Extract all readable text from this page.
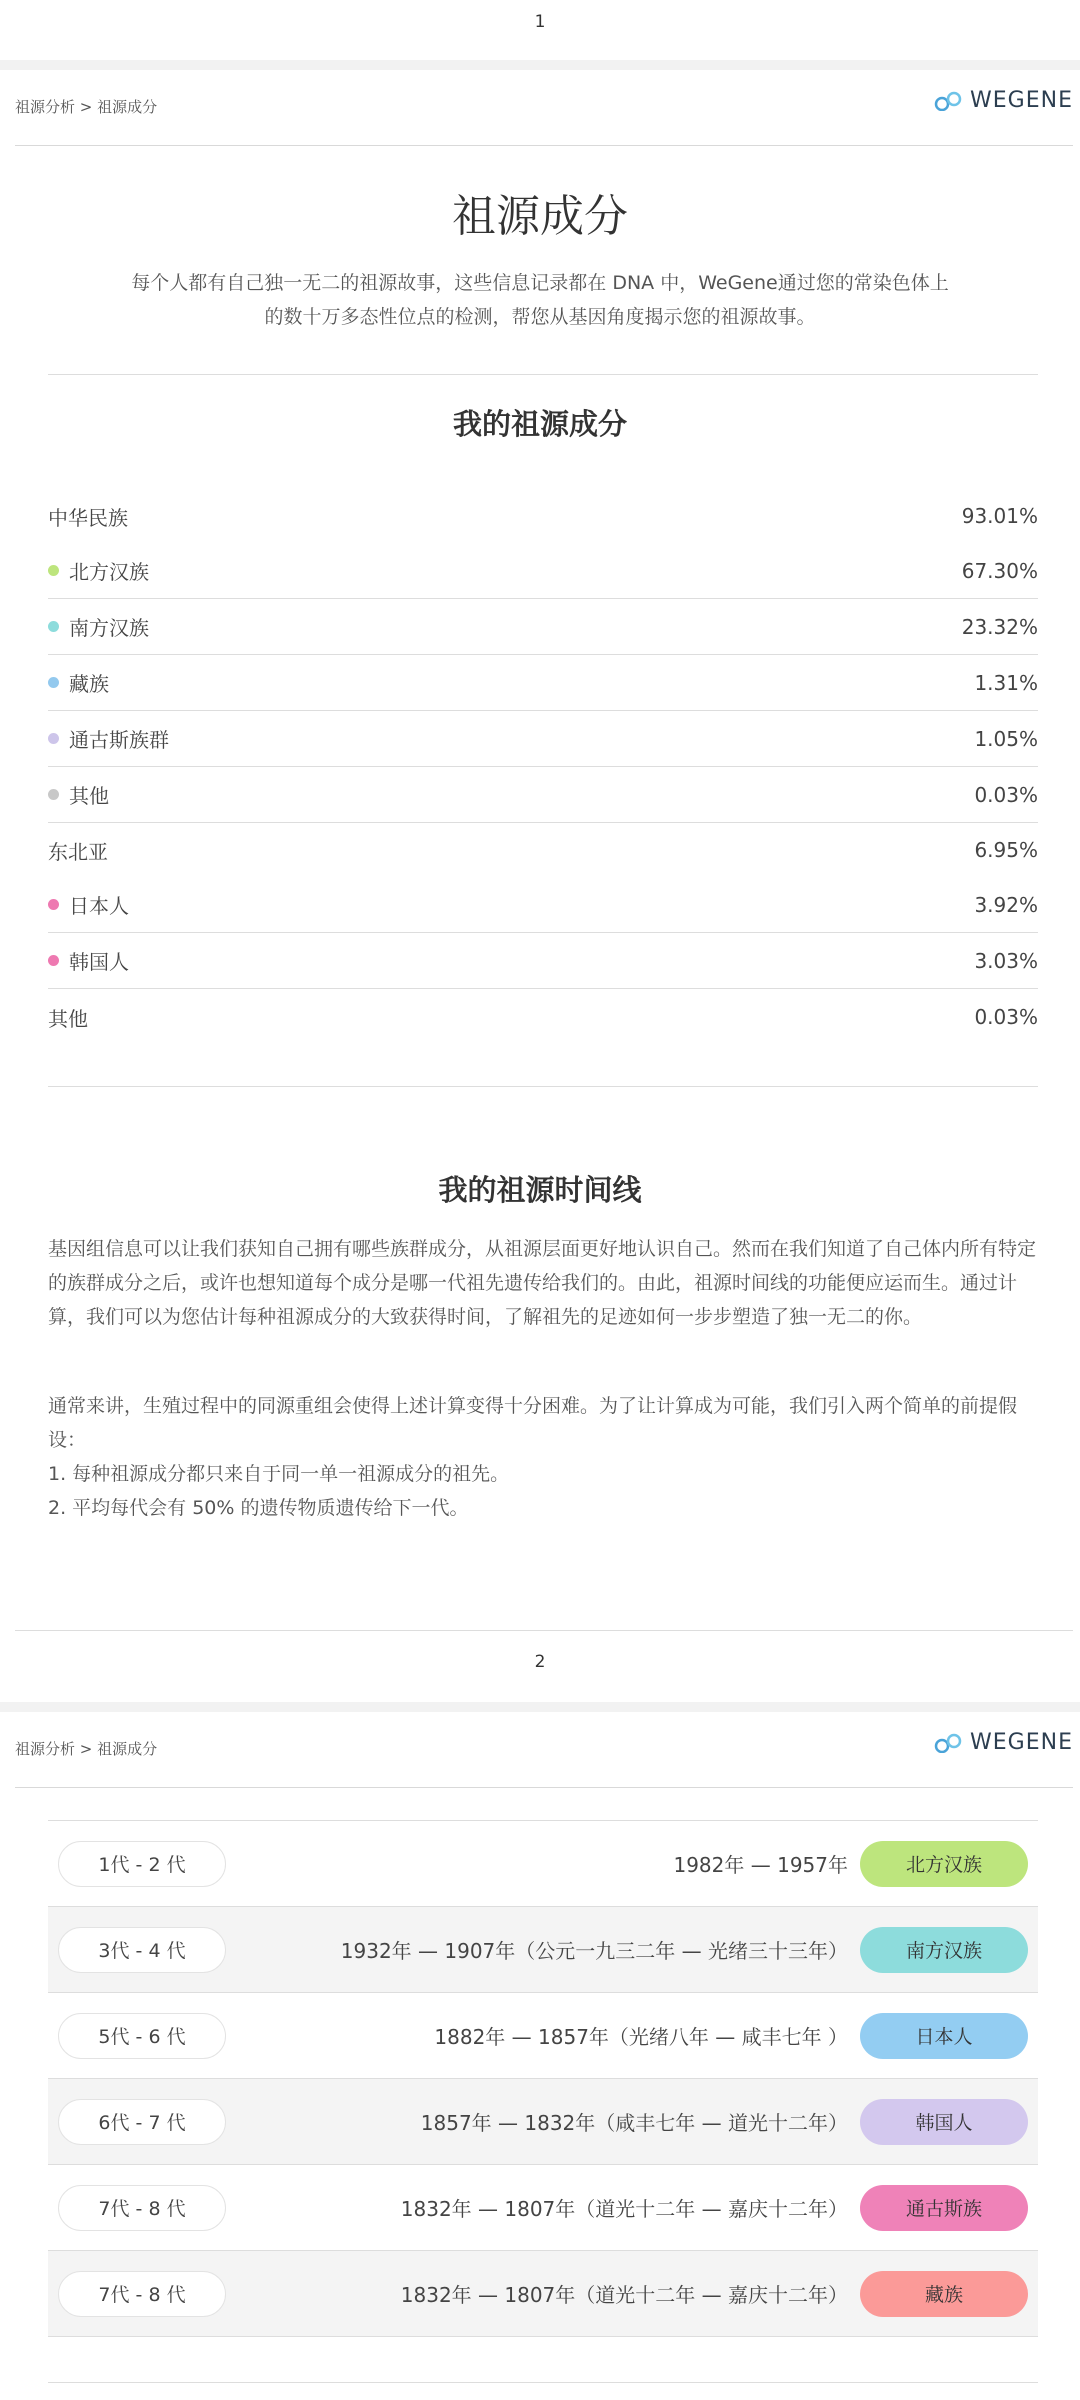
1
祖源分析 > 祖源成分	WEGENE
祖源成分

每个人都有自己独一无二的祖源故事，这些信息记录都在 DNA 中，WeGene通过您的常染色体上的数十万多态性位点的检测，帮您从基因角度揭示您的祖源故事。

我的祖源成分
中华民族	93.01%
北方汉族	67.30%
南方汉族	23.32%
藏族	1.31%
通古斯族群	1.05%
其他	0.03%
东北亚	6.95%
日本人	3.92%
韩国人	3.03%
其他	0.03%
我的祖源时间线

基因组信息可以让我们获知自己拥有哪些族群成分，从祖源层面更好地认识自己。然而在我们知道了自己体内所有特定的族群成分之后，或许也想知道每个成分是哪一代祖先遗传给我们的。由此，祖源时间线的功能便应运而生。通过计算，我们可以为您估计每种祖源成分的大致获得时间，了解祖先的足迹如何一步步塑造了独一无二的你。

通常来讲，生殖过程中的同源重组会使得上述计算变得十分困难。为了让计算成为可能，我们引入两个简单的前提假设：

1. 每种祖源成分都只来自于同一单一祖源成分的祖先。

2. 平均每代会有 50% 的遗传物质遗传给下一代。

2
祖源分析 > 祖源成分	WEGENE
1代 - 2 代	1982年 — 1957年	北方汉族
3代 - 4 代	1932年 — 1907年（公元一九三二年 — 光绪三十三年）	南方汉族
5代 - 6 代	1882年 — 1857年（光绪八年 — 咸丰七年 ）	日本人
6代 - 7 代	1857年 — 1832年（咸丰七年 — 道光十二年）	韩国人
7代 - 8 代	1832年 — 1807年（道光十二年 — 嘉庆十二年）	通古斯族
7代 - 8 代	1832年 — 1807年（道光十二年 — 嘉庆十二年）	藏族
